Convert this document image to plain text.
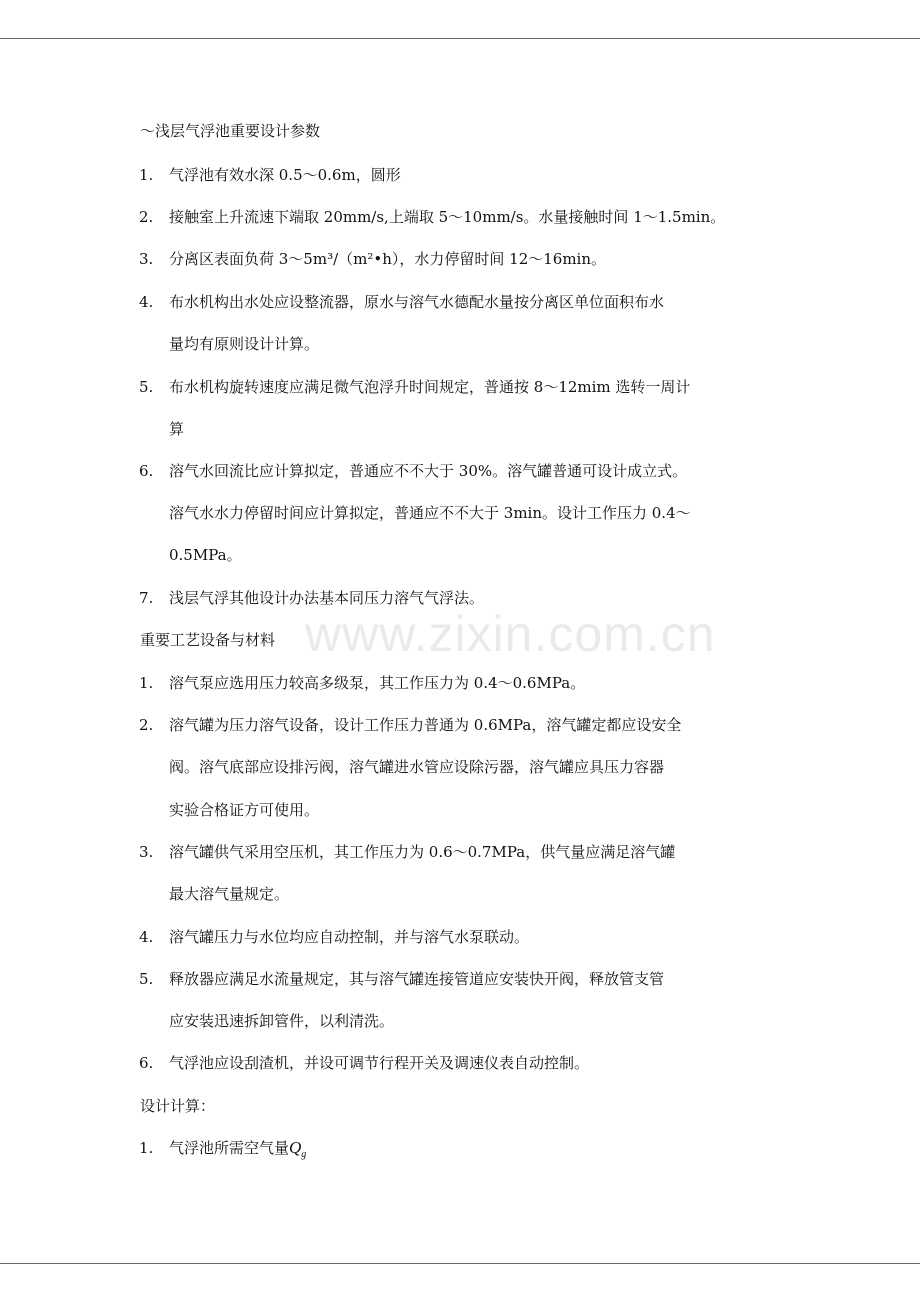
www.zixin.com.cn
～浅层气浮池重要设计参数
1. 气浮池有效水深 0.5～0.6m，圆形
2. 接触室上升流速下端取 20mm/s,上端取 5～10mm/s。水量接触时间 1～1.5min。
3. 分离区表面负荷 3～5m³/（m²•h），水力停留时间 12～16min。
4. 布水机构出水处应设整流器，原水与溶气水德配水量按分离区单位面积布水
量均有原则设计计算。
5. 布水机构旋转速度应满足微气泡浮升时间规定，普通按 8～12mim 选转一周计
算
6. 溶气水回流比应计算拟定，普通应不不大于 30%。溶气罐普通可设计成立式。
溶气水水力停留时间应计算拟定，普通应不不大于 3min。设计工作压力 0.4～
0.5MPa。
7. 浅层气浮其他设计办法基本同压力溶气气浮法。
重要工艺设备与材料
1. 溶气泵应选用压力较高多级泵，其工作压力为 0.4～0.6MPa。
2. 溶气罐为压力溶气设备，设计工作压力普通为 0.6MPa，溶气罐定都应设安全
阀。溶气底部应设排污阀，溶气罐进水管应设除污器，溶气罐应具压力容器
实验合格证方可使用。
3. 溶气罐供气采用空压机，其工作压力为 0.6～0.7MPa，供气量应满足溶气罐
最大溶气量规定。
4. 溶气罐压力与水位均应自动控制，并与溶气水泵联动。
5. 释放器应满足水流量规定，其与溶气罐连接管道应安装快开阀，释放管支管
应安装迅速拆卸管件，以利清洗。
6. 气浮池应设刮渣机，并设可调节行程开关及调速仪表自动控制。
设计计算：
1. 气浮池所需空气量$Q_g$
